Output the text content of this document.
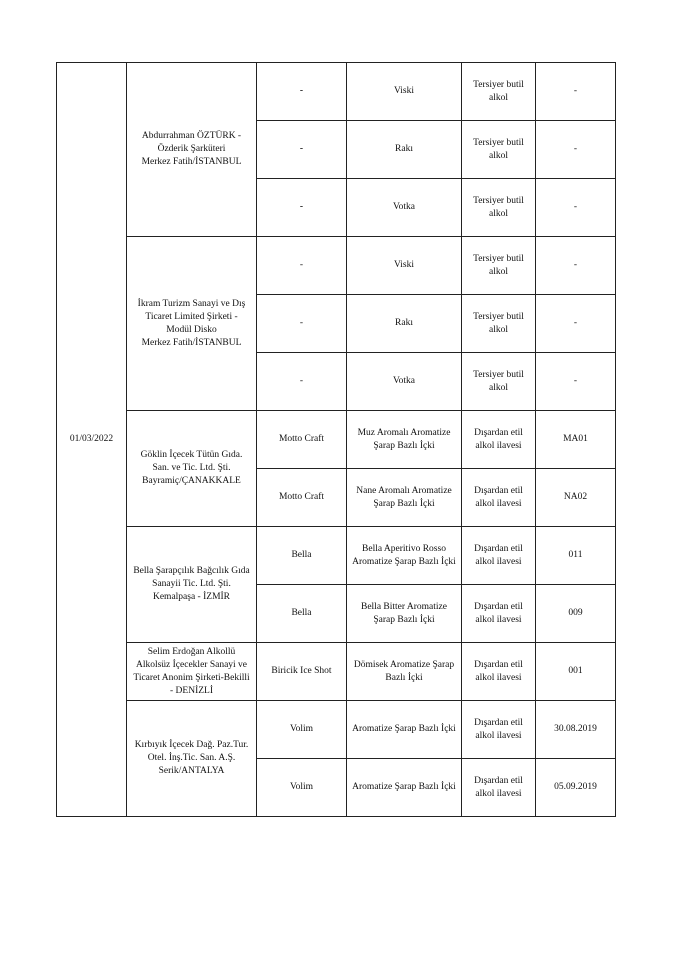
01/03/2022	Abdurrahman ÖZTÜRK -
Özderik Şarküteri
Merkez Fatih/İSTANBUL	-	Viski	Tersiyer butil alkol	-
		-	Rakı	Tersiyer butil alkol	-
		-	Votka	Tersiyer butil alkol	-

	İkram Turizm Sanayi ve Dış
Ticaret Limited Şirketi -
Modül Disko
Merkez Fatih/İSTANBUL	-	Viski	Tersiyer butil alkol	-
		-	Rakı	Tersiyer butil alkol	-
		-	Votka	Tersiyer butil alkol	-

	Göklin İçecek Tütün Gıda.
San. ve Tic. Ltd. Şti.
Bayramiç/ÇANAKKALE	Motto Craft	Muz Aromalı Aromatize Şarap Bazlı İçki	Dışardan etil alkol ilavesi	MA01
		Motto Craft	Nane Aromalı Aromatize Şarap Bazlı İçki	Dışardan etil alkol ilavesi	NA02

	Bella Şarapçılık Bağcılık Gıda
Sanayii Tic. Ltd. Şti.
Kemalpaşa - İZMİR	Bella	Bella Aperitivo Rosso Aromatize Şarap Bazlı İçki	Dışardan etil alkol ilavesi	011
		Bella	Bella Bitter Aromatize Şarap Bazlı İçki	Dışardan etil alkol ilavesi	009

	Selim Erdoğan Alkollü
Alkolsüz İçecekler Sanayi ve
Ticaret Anonim Şirketi-Bekilli
- DENİZLİ	Biricik Ice Shot	Dömisek Aromatize Şarap Bazlı İçki	Dışardan etil alkol ilavesi	001

	Kırbıyık İçecek Dağ. Paz.Tur.
Otel. İnş.Tic. San. A.Ş.
Serik/ANTALYA	Volim	Aromatize Şarap Bazlı İçki	Dışardan etil alkol ilavesi	30.08.2019
		Volim	Aromatize Şarap Bazlı İçki	Dışardan etil alkol ilavesi	05.09.2019
